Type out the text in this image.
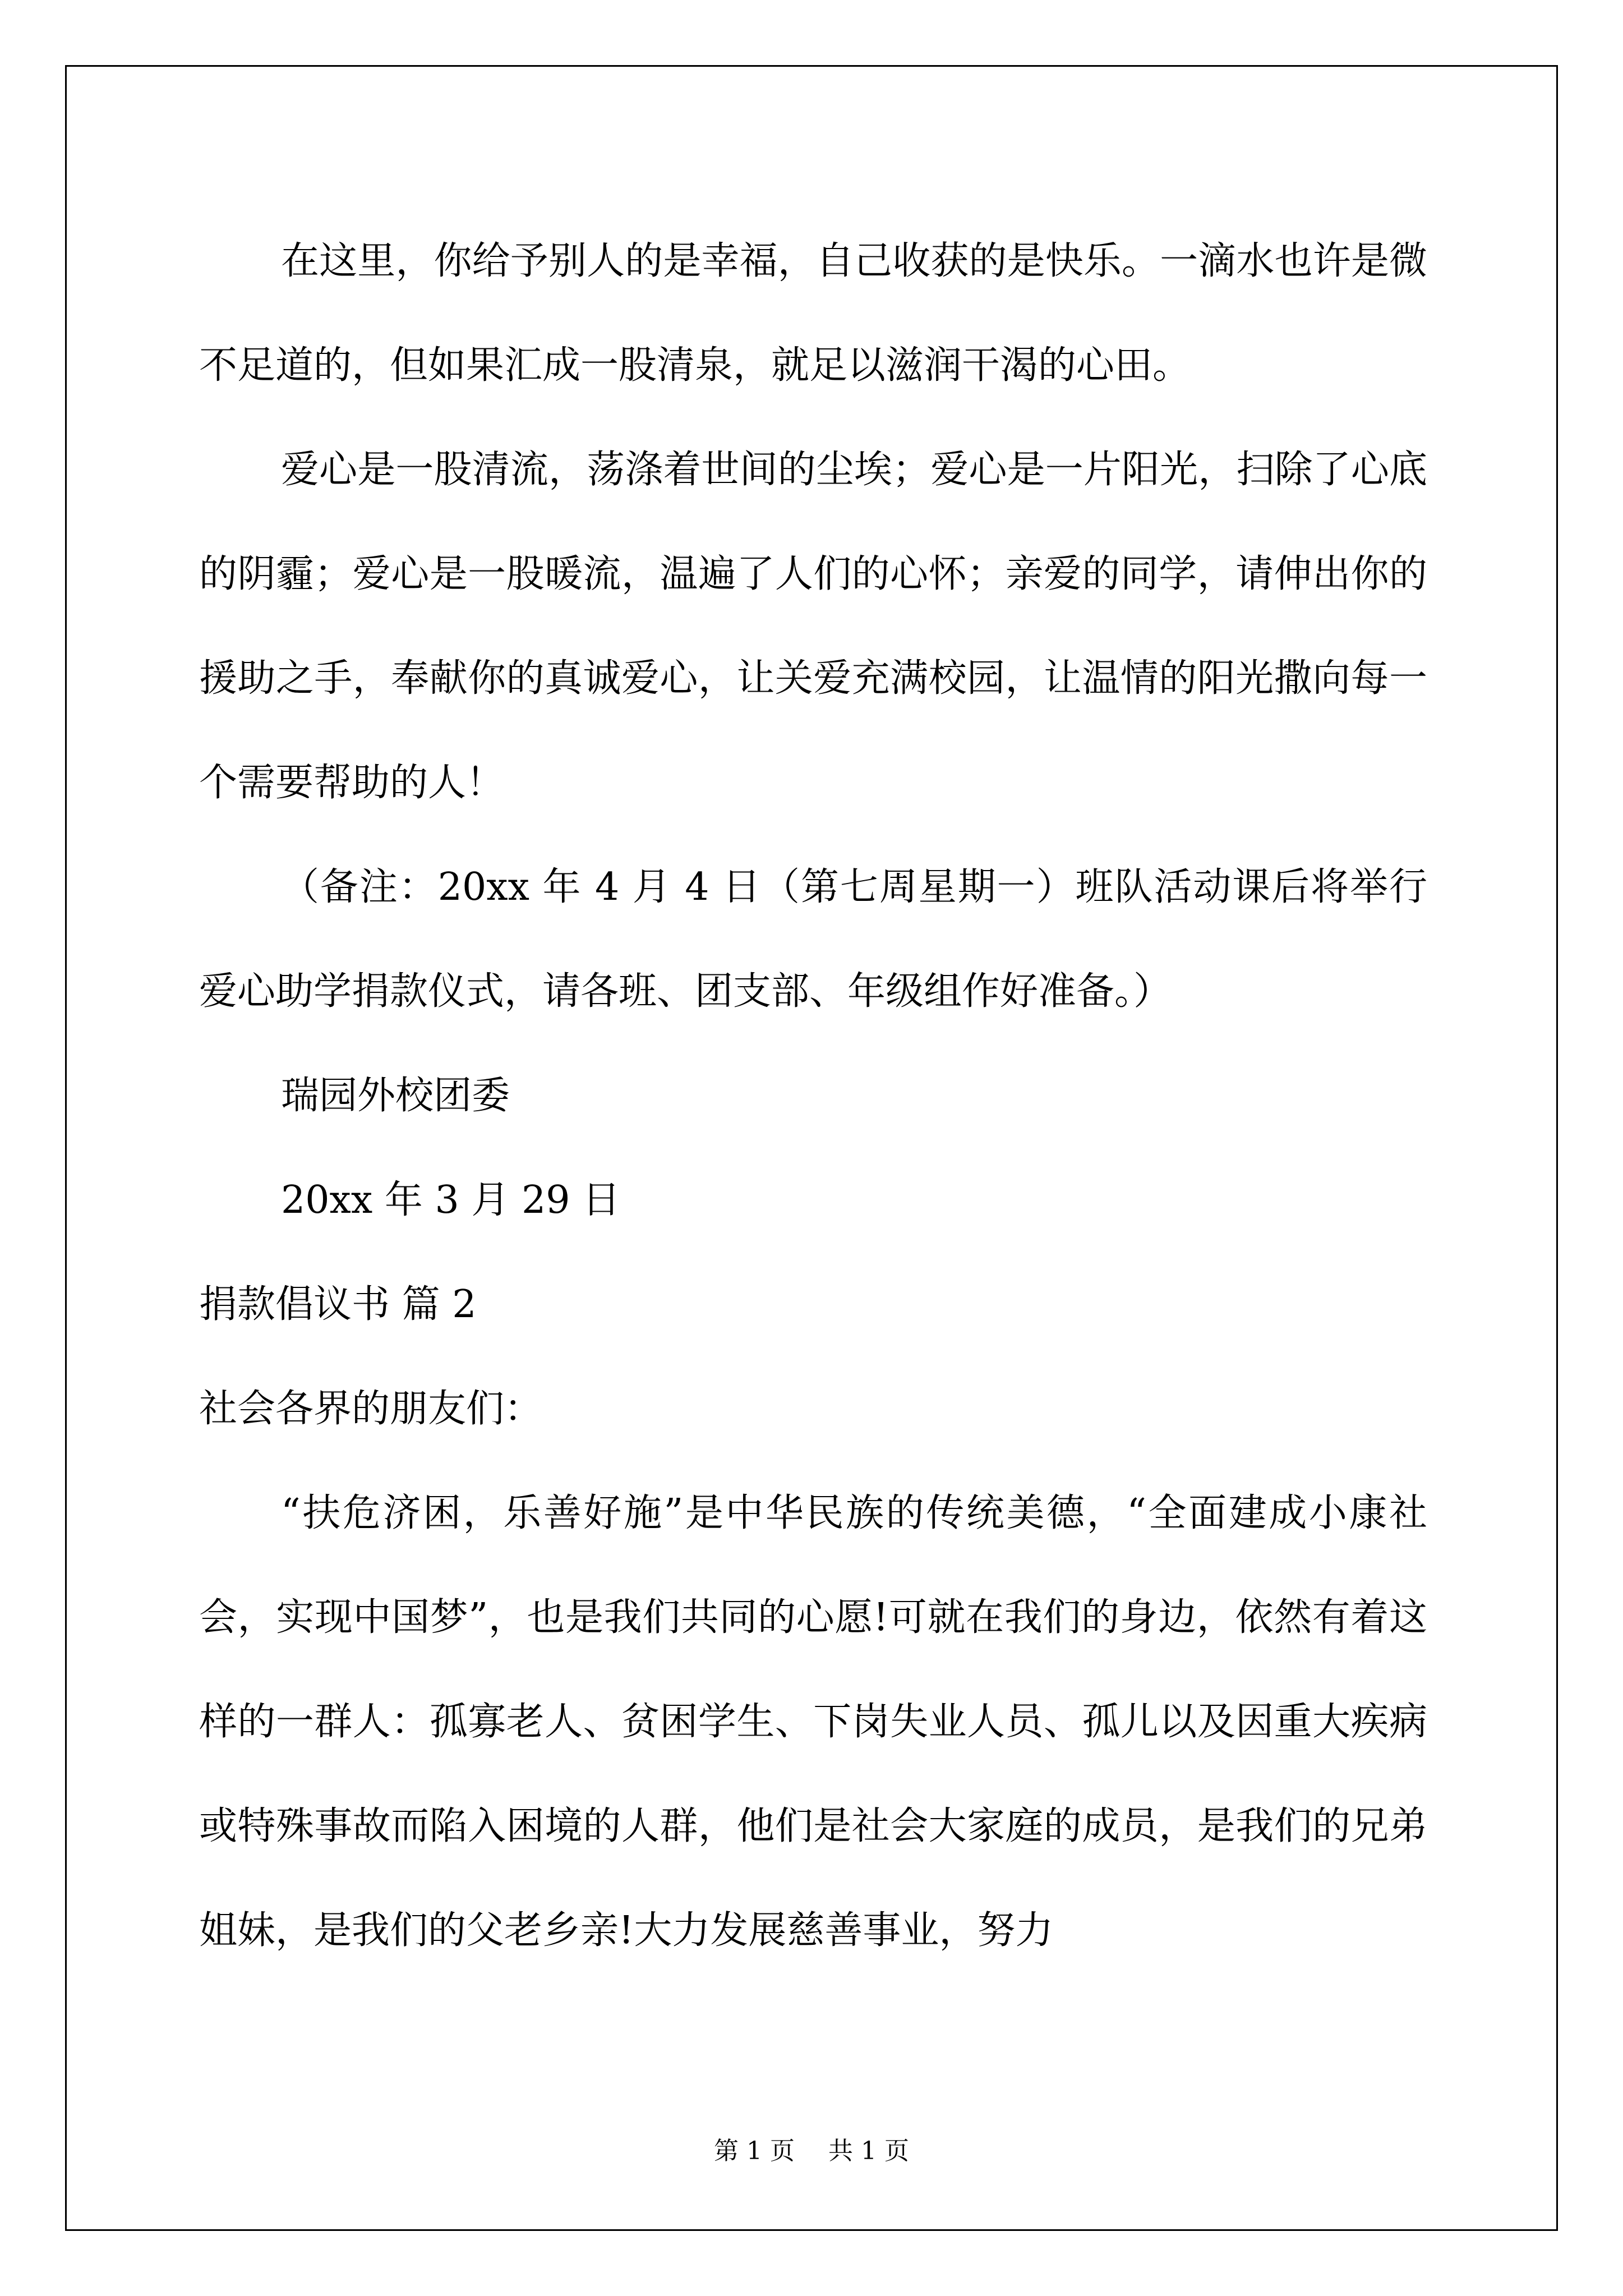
在这里，你给予别人的是幸福，自己收获的是快乐。一滴水也许是微不足道的，但如果汇成一股清泉，就足以滋润干渴的心田。

爱心是一股清流，荡涤着世间的尘埃；爱心是一片阳光，扫除了心底的阴霾；爱心是一股暖流，温遍了人们的心怀；亲爱的同学，请伸出你的援助之手，奉献你的真诚爱心，让关爱充满校园，让温情的阳光撒向每一个需要帮助的人！

（备注：20xx 年 4 月 4 日（第七周星期一）班队活动课后将举行爱心助学捐款仪式，请各班、团支部、年级组作好准备。）

瑞园外校团委

20xx 年 3 月 29 日

捐款倡议书 篇 2

社会各界的朋友们：

“扶危济困，乐善好施”是中华民族的传统美德，“全面建成小康社会，实现中国梦”，也是我们共同的心愿!可就在我们的身边，依然有着这样的一群人：孤寡老人、贫困学生、下岗失业人员、孤儿以及因重大疾病或特殊事故而陷入困境的人群，他们是社会大家庭的成员，是我们的兄弟姐妹，是我们的父老乡亲!大力发展慈善事业，努力

第 1 页 共 1 页
